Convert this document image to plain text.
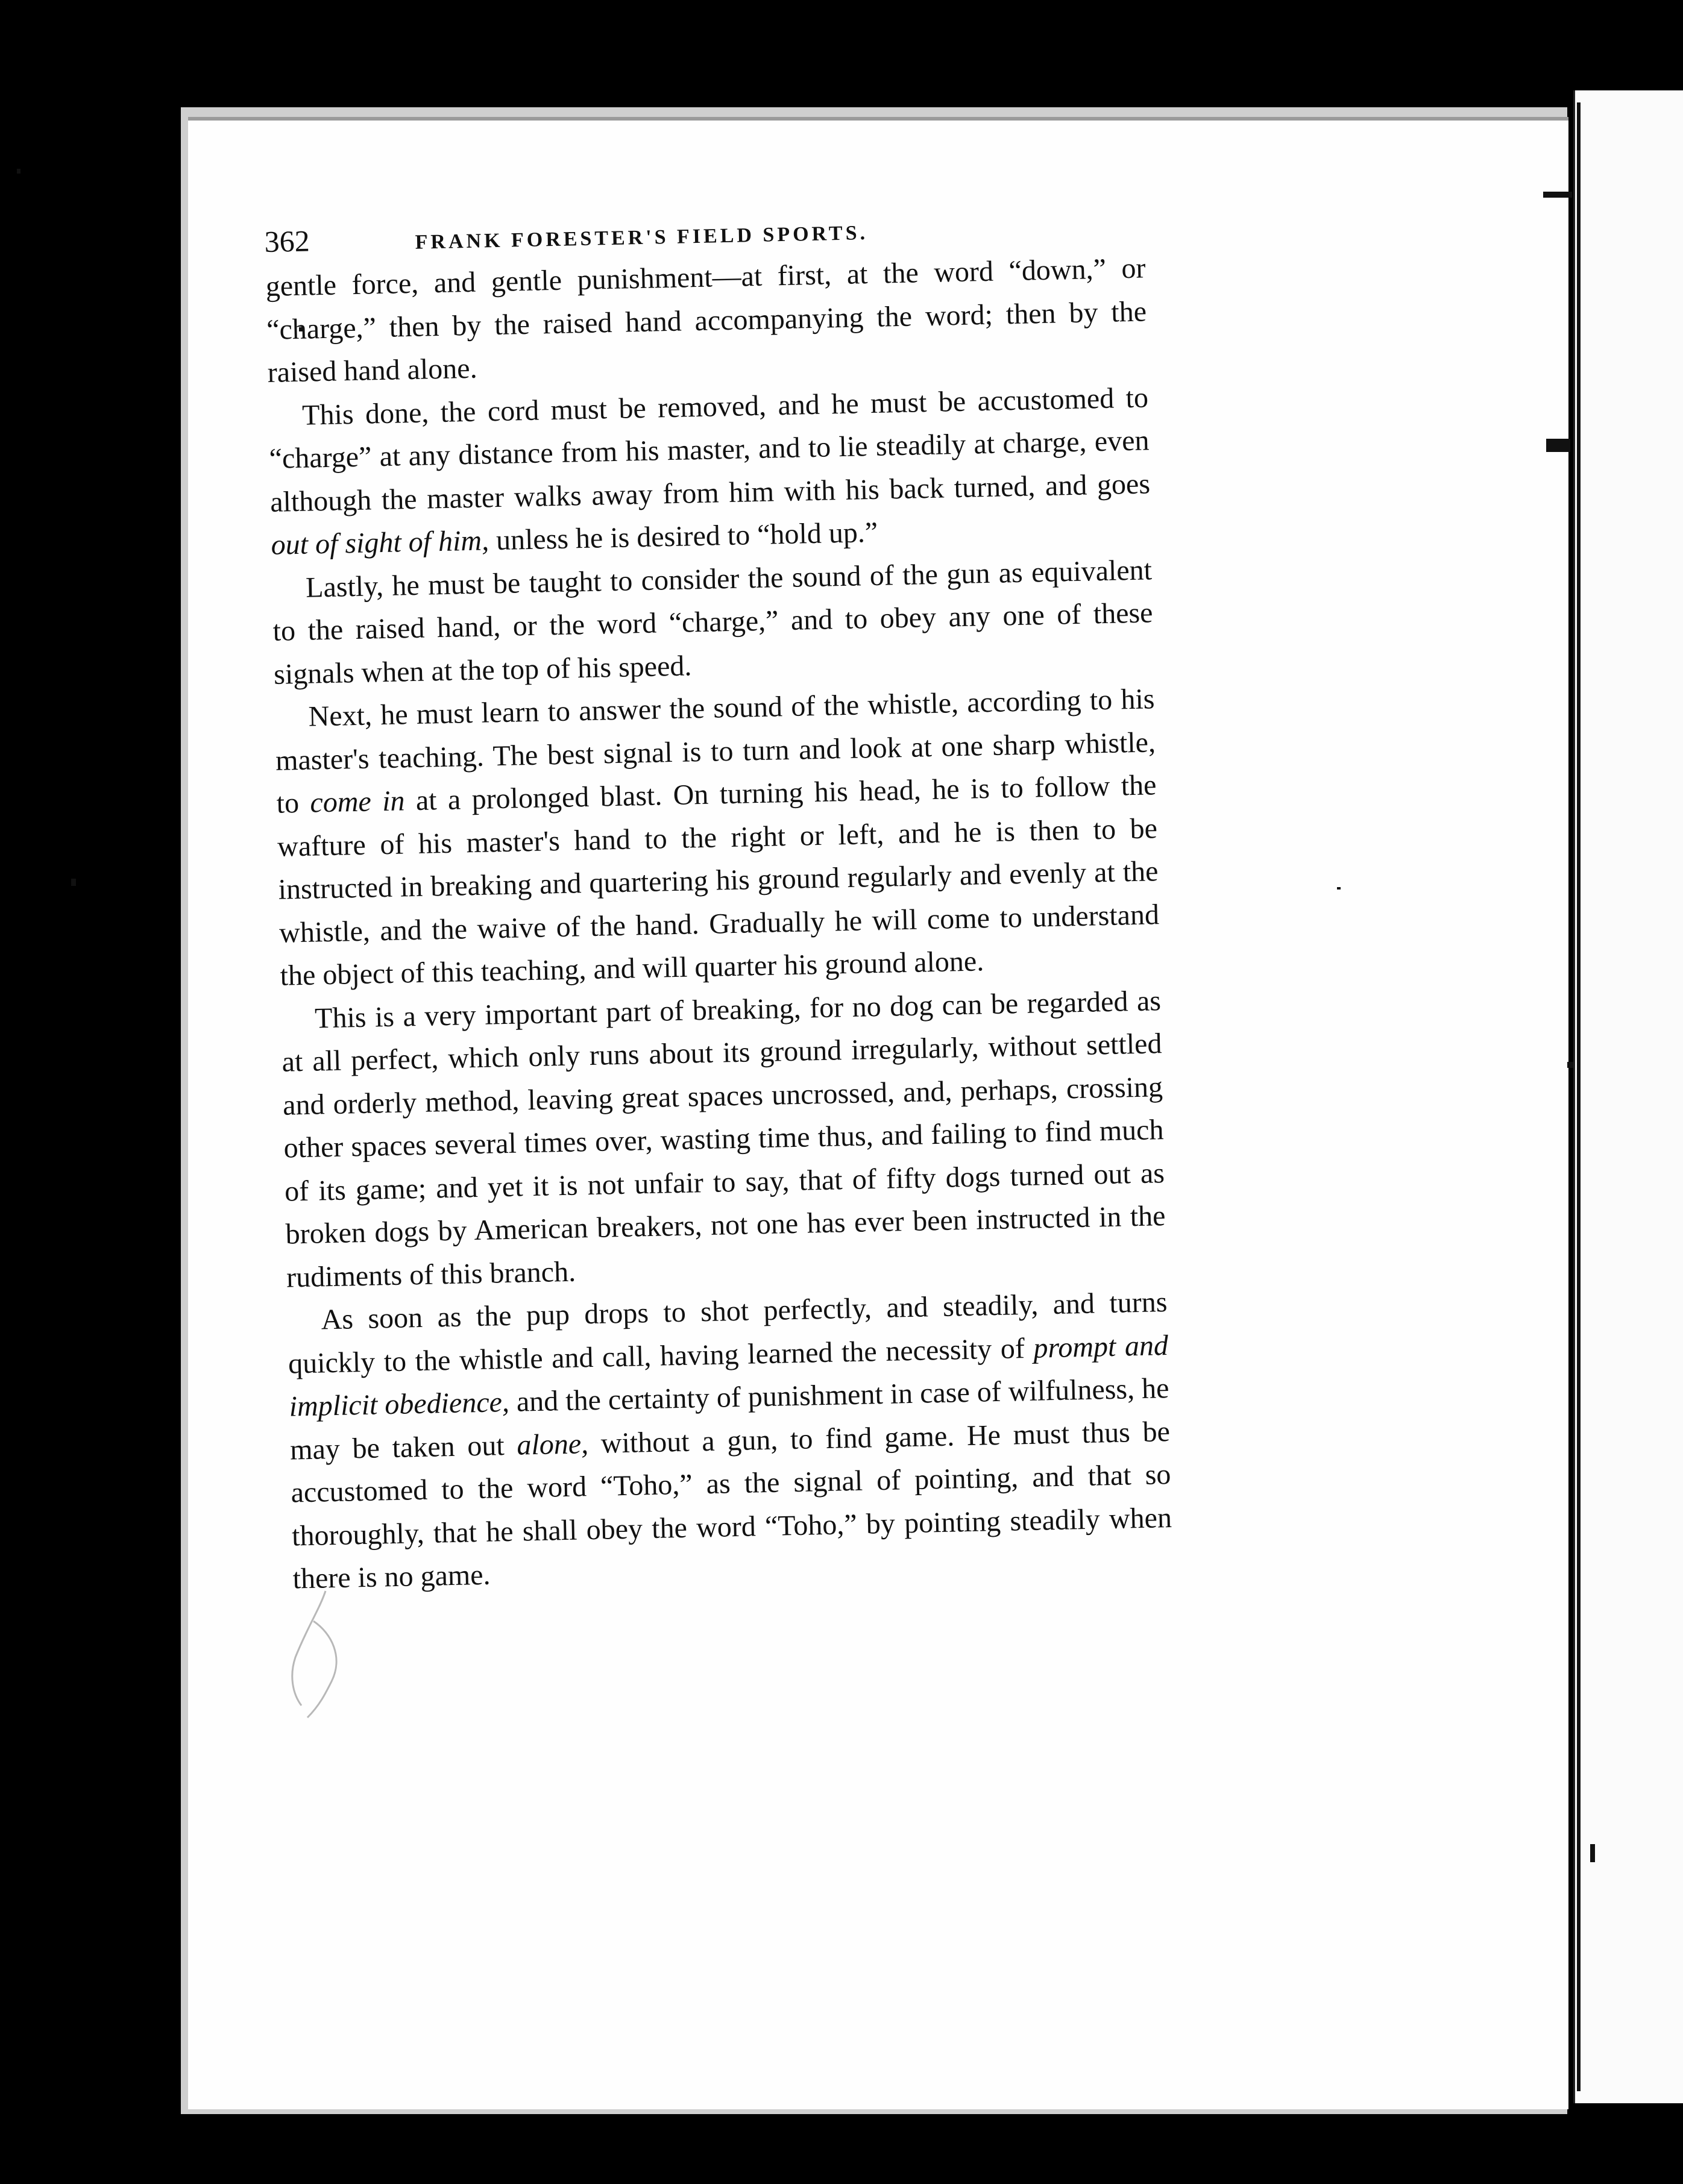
362	FRANK FORESTER'S FIELD SPORTS.

gentle force, and gentle punishment—at first, at the word “down,” or “charge,” then by the raised hand accompanying the word; then by the raised hand alone.

This done, the cord must be removed, and he must be accustomed to “charge” at any distance from his master, and to lie steadily at charge, even although the master walks away from him with his back turned, and goes out of sight of him, unless he is desired to “hold up.”

Lastly, he must be taught to consider the sound of the gun as equivalent to the raised hand, or the word “charge,” and to obey any one of these signals when at the top of his speed.

Next, he must learn to answer the sound of the whistle, according to his master's teaching. The best signal is to turn and look at one sharp whistle, to come in at a prolonged blast. On turning his head, he is to follow the wafture of his master's hand to the right or left, and he is then to be instructed in breaking and quartering his ground regularly and evenly at the whistle, and the waive of the hand. Gradually he will come to understand the object of this teaching, and will quarter his ground alone.

This is a very important part of breaking, for no dog can be regarded as at all perfect, which only runs about its ground irregularly, without settled and orderly method, leaving great spaces uncrossed, and, perhaps, crossing other spaces several times over, wasting time thus, and failing to find much of its game; and yet it is not unfair to say, that of fifty dogs turned out as broken dogs by American breakers, not one has ever been instructed in the rudiments of this branch.

As soon as the pup drops to shot perfectly, and steadily, and turns quickly to the whistle and call, having learned the necessity of prompt and implicit obedience, and the certainty of punishment in case of wilfulness, he may be taken out alone, without a gun, to find game. He must thus be accustomed to the word “Toho,” as the signal of pointing, and that so thoroughly, that he shall obey the word “Toho,” by pointing steadily when there is no game.
